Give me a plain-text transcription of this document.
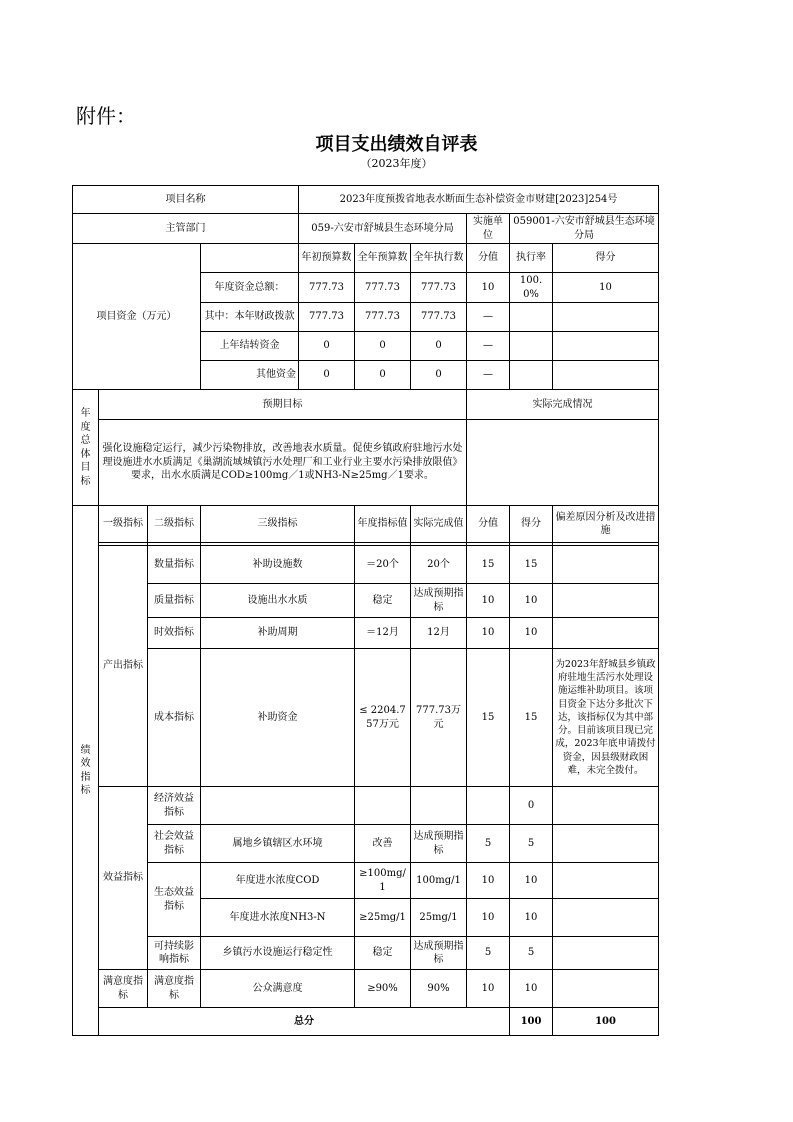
附件：
项目支出绩效自评表
（2023年度）
项目名称				2023年度预拨省地表水断面生态补偿资金市财建[2023]254号						
主管部门				059-六安市舒城县生态环境分局			实施单位	059001-六安市舒城县生态环境分局		
项目资金（万元）				年初预算数	全年预算数	全年执行数	分值	执行率	得分	
			年度资金总额：	777.73	777.73	777.73	10	100.0%	10	
			其中：本年财政拨款	777.73	777.73	777.73	—			
			上年结转资金	0	0	0	—			
			其他资金	0	0	0	—			

年度总体目标	预期目标						实际完成情况			
	强化设施稳定运行，减少污染物排放，改善地表水质量。促使乡镇政府驻地污水处理设施进水水质满足《巢湖流域城镇污水处理厂和工业行业主要水污染排放限值》要求，出水水质满足COD≥100mg／1或NH3-N≥25mg／1要求。									

绩效指标	一级指标	二级指标	三级指标		年度指标值	实际完成值	分值	得分	偏差原因分析及改进措施	

	产出指标	数量指标	补助设施数		＝20个	20个	15	15		
		质量指标	设施出水水质		稳定	达成预期指标	10	10		
		时效指标	补助周期		＝12月	12月	10	10		
		成本指标	补助资金		≤ 2204.757万元	777.73万元	15	15	为2023年舒城县乡镇政府驻地生活污水处理设施运维补助项目。该项目资金下达分多批次下达，该指标仅为其中部分。目前该项目现已完成，2023年底申请拨付资金，因县级财政困难，未完全拨付。	
	效益指标	经济效益指标						0		
		社会效益指标	属地乡镇辖区水环境		改善	达成预期指标	5	5		
		生态效益指标	年度进水浓度COD		≥100mg/1	100mg/1	10	10		
			年度进水浓度NH3-N		≥25mg/1	25mg/1	10	10		
		可持续影响指标	乡镇污水设施运行稳定性		稳定	达成预期指标	5	5		
	满意度指标	满意度指标	公众满意度		≥90%	90%	10	10		
	总分							100	100	
